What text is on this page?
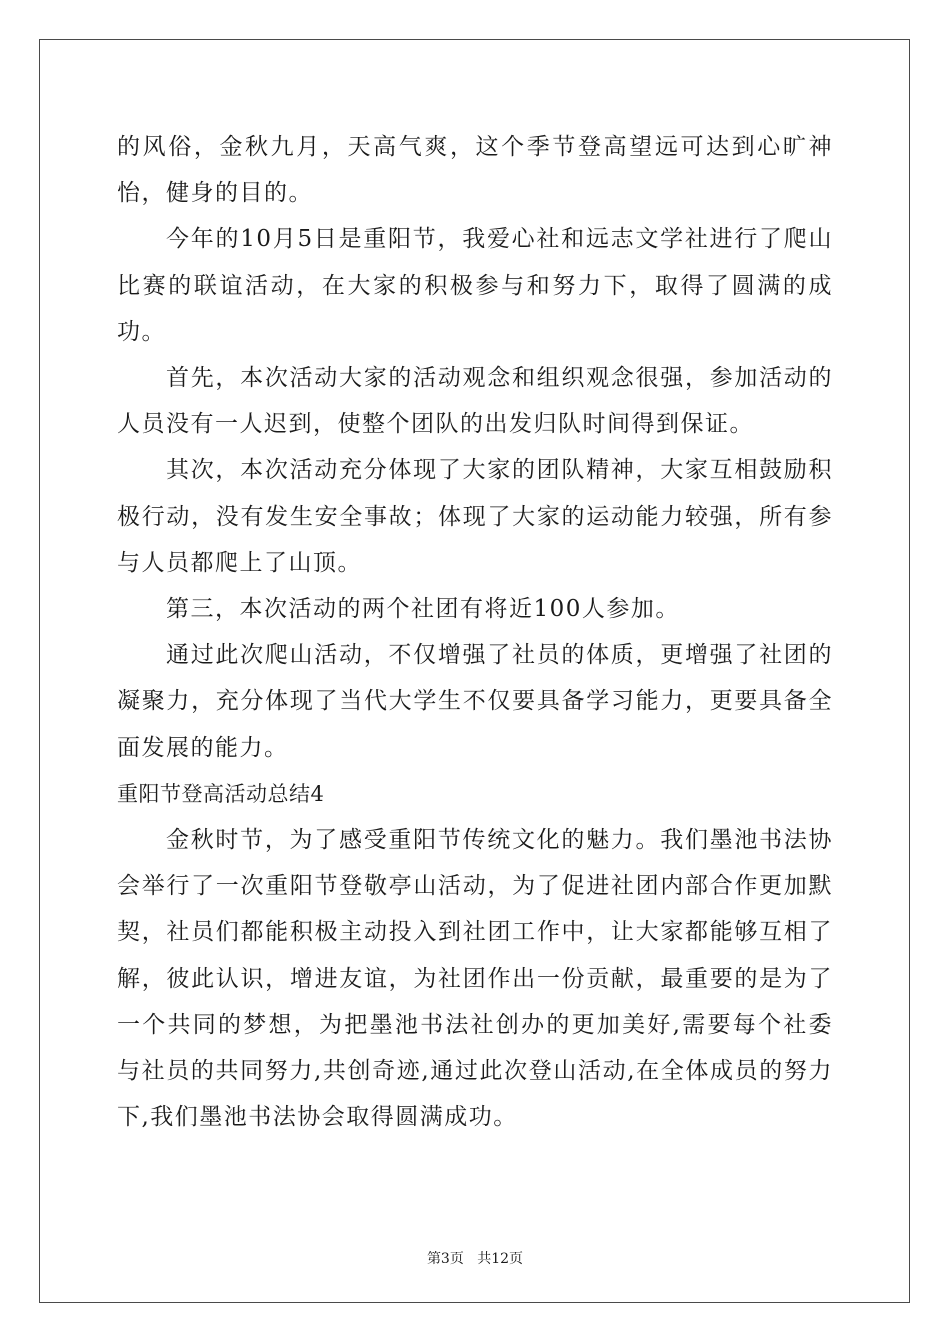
的风俗，金秋九月，天高气爽，这个季节登高望远可达到心旷神怡，健身的目的。

今年的10月5日是重阳节，我爱心社和远志文学社进行了爬山比赛的联谊活动，在大家的积极参与和努力下，取得了圆满的成功。

首先，本次活动大家的活动观念和组织观念很强，参加活动的人员没有一人迟到，使整个团队的出发归队时间得到保证。

其次，本次活动充分体现了大家的团队精神，大家互相鼓励积极行动，没有发生安全事故；体现了大家的运动能力较强，所有参与人员都爬上了山顶。

第三，本次活动的两个社团有将近100人参加。

通过此次爬山活动，不仅增强了社员的体质，更增强了社团的凝聚力，充分体现了当代大学生不仅要具备学习能力，更要具备全面发展的能力。

重阳节登高活动总结4

金秋时节，为了感受重阳节传统文化的魅力。我们墨池书法协会举行了一次重阳节登敬亭山活动，为了促进社团内部合作更加默契，社员们都能积极主动投入到社团工作中，让大家都能够互相了解，彼此认识，增进友谊，为社团作出一份贡献，最重要的是为了一个共同的梦想，为把墨池书法社创办的更加美好,需要每个社委与社员的共同努力,共创奇迹,通过此次登山活动,在全体成员的努力下,我们墨池书法协会取得圆满成功。

第3页 共12页
